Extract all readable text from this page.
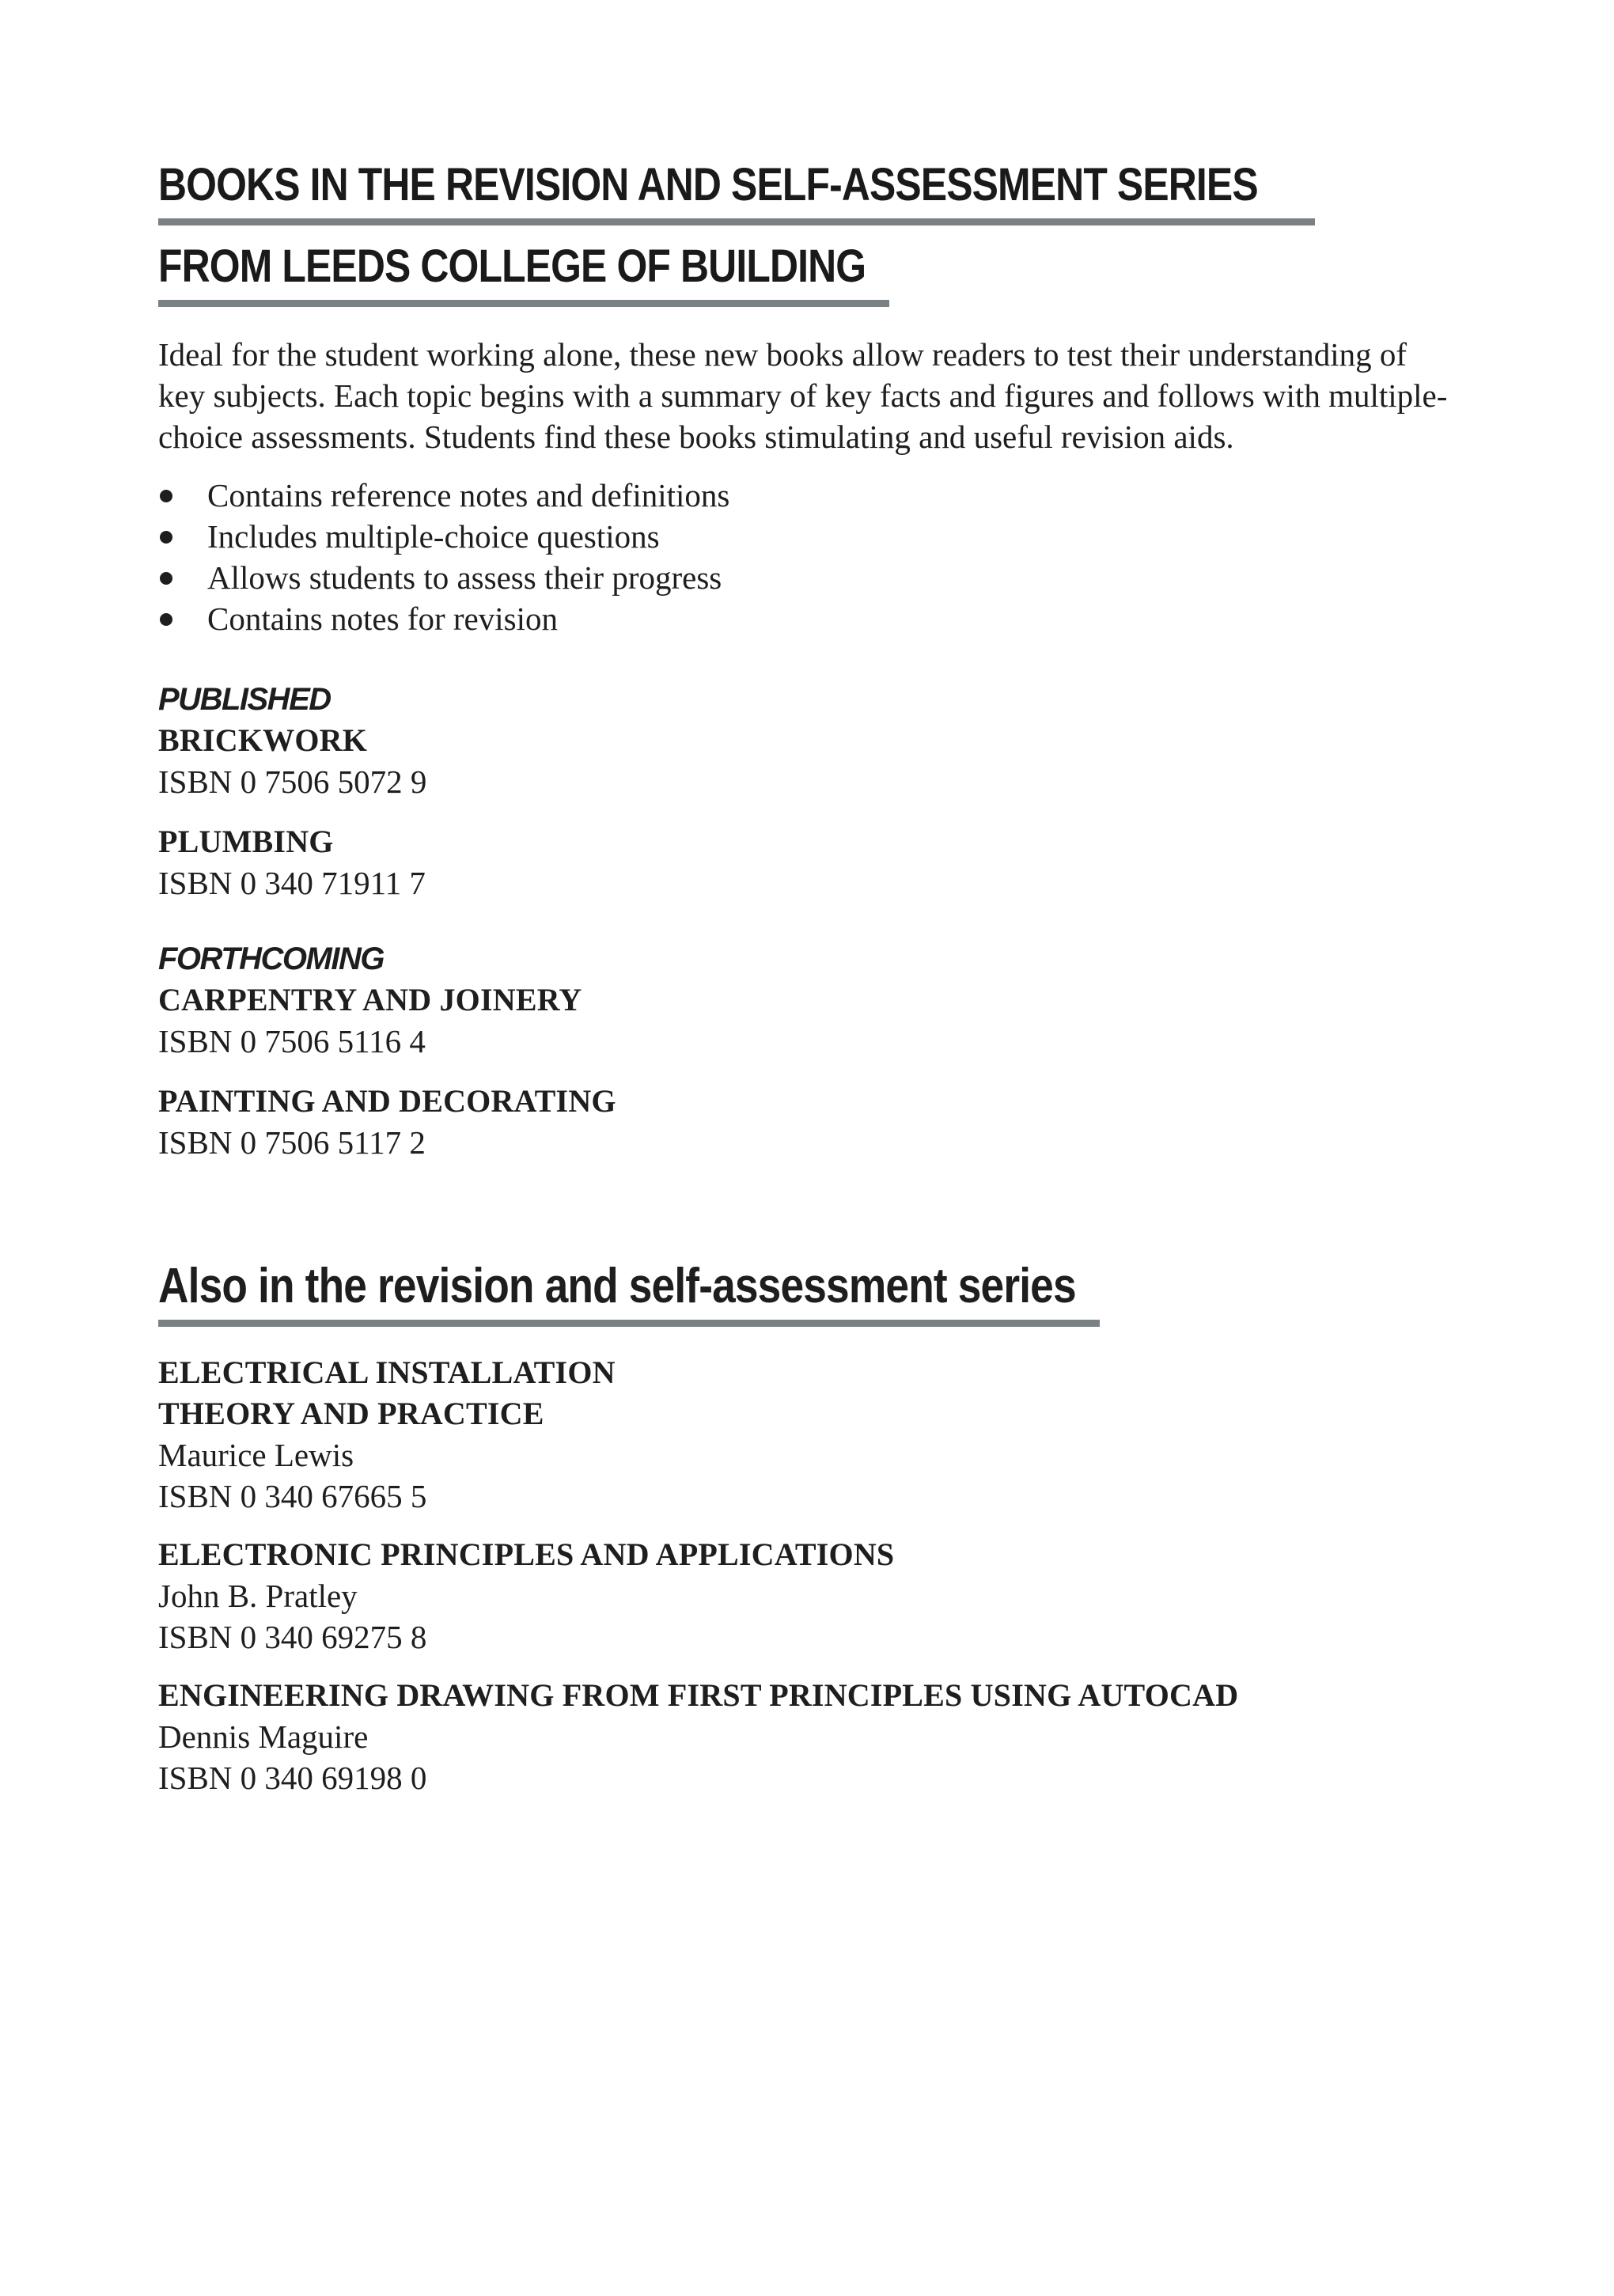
BOOKS IN THE REVISION AND SELF-ASSESSMENT SERIES
FROM LEEDS COLLEGE OF BUILDING
Ideal for the student working alone, these new books allow readers to test their understanding of
key subjects. Each topic begins with a summary of key facts and figures and follows with multiple-
choice assessments. Students find these books stimulating and useful revision aids.
Contains reference notes and definitions
Includes multiple-choice questions
Allows students to assess their progress
Contains notes for revision
PUBLISHED
BRICKWORK
ISBN 0 7506 5072 9
PLUMBING
ISBN 0 340 71911 7
FORTHCOMING
CARPENTRY AND JOINERY
ISBN 0 7506 5116 4
PAINTING AND DECORATING
ISBN 0 7506 5117 2
Also in the revision and self-assessment series
ELECTRICAL INSTALLATION
THEORY AND PRACTICE
Maurice Lewis
ISBN 0 340 67665 5
ELECTRONIC PRINCIPLES AND APPLICATIONS
John B. Pratley
ISBN 0 340 69275 8
ENGINEERING DRAWING FROM FIRST PRINCIPLES USING AUTOCAD
Dennis Maguire
ISBN 0 340 69198 0
